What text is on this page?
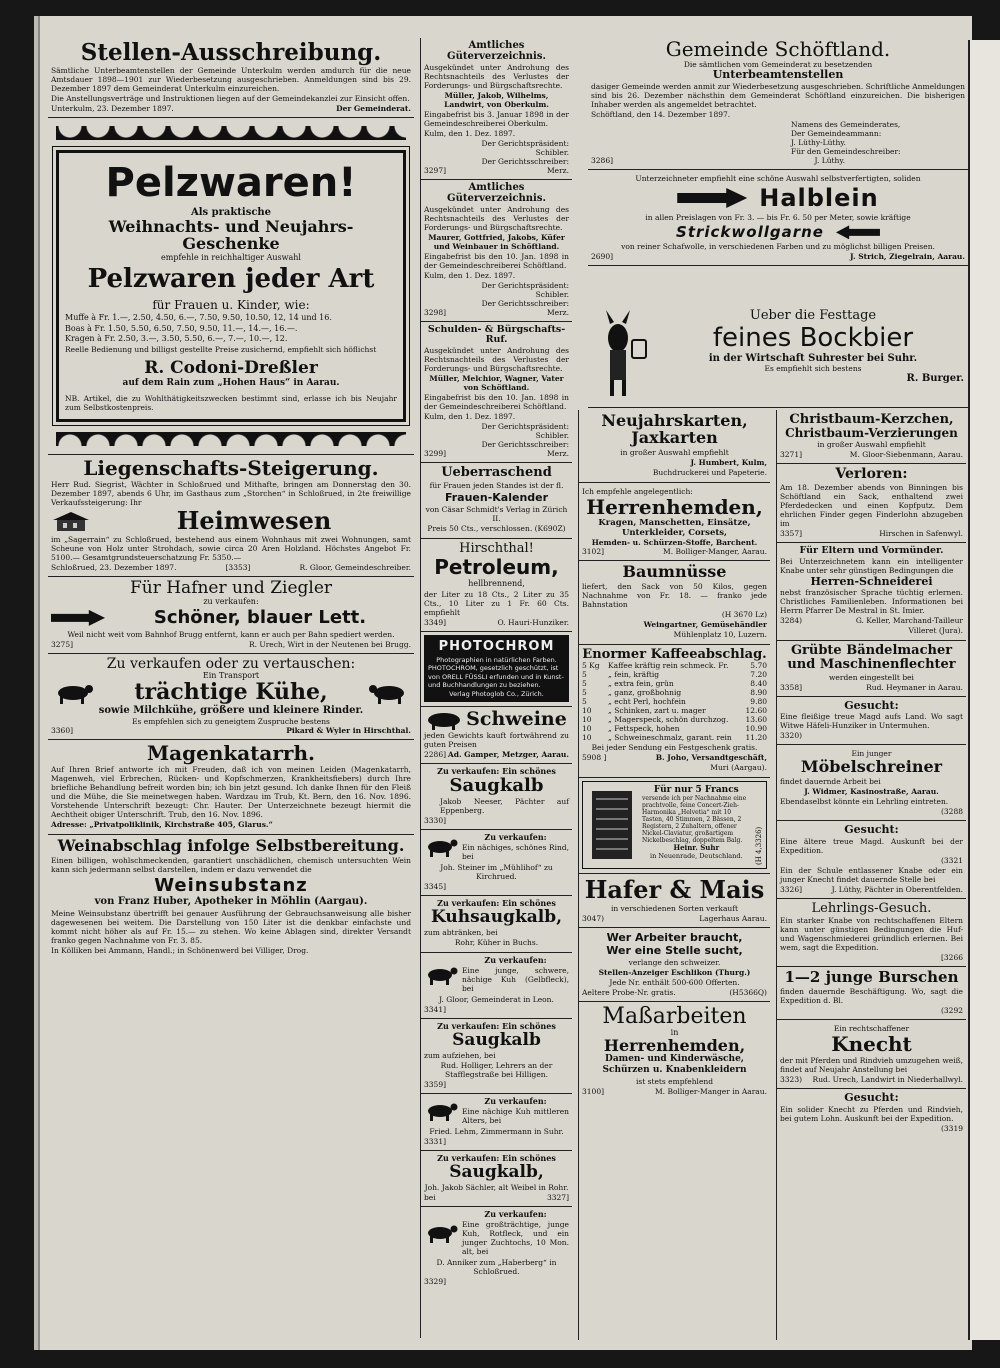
Stellen-Ausschreibung.
Sämtliche Unterbeamtenstellen der Gemeinde Unterkulm werden amdurch für die neue Amtsdauer 1898—1901 zur Wiederbesetzung ausgeschrieben. Anmeldungen sind bis 29. Dezember 1897 dem Gemeinderat Unterkulm einzureichen.
Die Anstellungsverträge und Instruktionen liegen auf der Gemeindekanzlei zur Einsicht offen.
Unterkulm, 23. Dezember 1897.	Der Gemeinderat.
Pelzwaren!
Als praktische
Weihnachts- und Neujahrs-Geschenke
empfehle in reichhaltiger Auswahl
Pelzwaren jeder Art
für Frauen u. Kinder, wie:
Muffe à Fr. 1.—, 2.50, 4.50, 6.—, 7.50, 9.50, 10.50, 12, 14 und 16.
Boas à Fr. 1.50, 5.50, 6.50, 7.50, 9.50, 11.—, 14.—, 16.—.
Kragen à Fr. 2.50, 3.—, 3.50, 5.50, 6.—, 7.—, 10.—, 12.
Reelle Bedienung und billigst gestellte Preise zusichernd, empfiehlt sich höflichst
R. Codoni-Dreßler
auf dem Rain zum „Hohen Haus“ in Aarau.
NB. Artikel, die zu Wohlthätigkeitszwecken bestimmt sind, erlasse ich bis Neujahr zum Selbstkostenpreis.
Liegenschafts-Steigerung.
Herr Rud. Siegrist, Wächter in Schloßrued und Mithafte, bringen am Donnerstag den 30. Dezember 1897, abends 6 Uhr, im Gasthaus zum „Storchen“ in Schloßrued, in 2te freiwillige Verkaufssteigerung: Ihr
Heimwesen
im „Sagerrain“ zu Schloßrued, bestehend aus einem Wohnhaus mit zwei Wohnungen, samt Scheune von Holz unter Strohdach, sowie circa 20 Aren Holzland. Höchstes Angebot Fr. 5100.— Gesamtgrundsteuerschatzung Fr. 5350.—
Schloßrued, 23. Dezember 1897.	[3353]	R. Gloor, Gemeindeschreiber.
Für Hafner und Ziegler
zu verkaufen:
Schöner, blauer Lett.
Weil nicht weit vom Bahnhof Brugg entfernt, kann er auch per Bahn spediert werden.
3275]	R. Urech, Wirt in der Neutenen bei Brugg.
Zu verkaufen oder zu vertauschen:
Ein Transport
trächtige Kühe,
sowie Milchkühe, größere und kleinere Rinder.
Es empfehlen sich zu geneigtem Zuspruche bestens
3360]	Pikard & Wyler in Hirschthal.
Magenkatarrh.
Auf Ihren Brief antworte ich mit Freuden, daß ich von meinen Leiden (Magenkatarrh, Magenweh, viel Erbrechen, Rücken- und Kopfschmerzen, Krankheitsfiebers) durch Ihre briefliche Behandlung befreit worden bin; ich bin jetzt gesund. Ich danke Ihnen für den Fleiß und die Mühe, die Sie meinetwegen haben. Wardzau im Trub, Kt. Bern, den 16. Nov. 1896. Vorstehende Unterschrift bezeugt: Chr. Hauter. Der Unterzeichnete bezeugt hiermit die Aechtheit obiger Unterschrift. Trub, den 16. Nov. 1896.
Adresse: „Privatpoliklinik, Kirchstraße 405, Glarus.“
Weinabschlag infolge Selbstbereitung.
Einen billigen, wohlschmeckenden, garantiert unschädlichen, chemisch untersuchten Wein kann sich jedermann selbst darstellen, indem er dazu verwendet die
Weinsubstanz
von Franz Huber, Apotheker in Möhlin (Aargau).
Meine Weinsubstanz übertrifft bei genauer Ausführung der Gebrauchsanweisung alle bisher dagewesenen bei weitem. Die Darstellung von 150 Liter ist die denkbar einfachste und kommt nicht höher als auf Fr. 15.— zu stehen. Wo keine Ablagen sind, direkter Versandt franko gegen Nachnahme von Fr. 3. 85.
In Kölliken bei Ammann, Handl.; in Schönenwerd bei Villiger, Drog.
Amtliches Güterverzeichnis.
Ausgekündet unter Androhung des Rechtsnachteils des Verlustes der Forderungs- und Bürgschaftsrechte.
Müller, Jakob, Wilhelms, Landwirt, von Oberkulm.
Eingabefrist bis 3. Januar 1898 in der Gemeindeschreiberei Oberkulm.
Kulm, den 1. Dez. 1897.
Der Gerichtspräsident:
Schibler.
Der Gerichtsschreiber:
3297]	Merz.
Amtliches Güterverzeichnis.
Ausgekündet unter Androhung des Rechtsnachteils des Verlustes der Forderungs- und Bürgschaftsrechte.
Maurer, Gottfried, Jakobs, Küfer und Weinbauer in Schöftland.
Eingabefrist bis den 10. Jan. 1898 in der Gemeindeschreiberei Schöftland.
Kulm, den 1. Dez. 1897.
Der Gerichtspräsident:
Schibler.
Der Gerichtsschreiber:
3298]	Merz.
Schulden- & Bürgschafts-Ruf.
Ausgekündet unter Androhung des Rechtsnachteils des Verlustes der Forderungs- und Bürgschaftsrechte.
Müller, Melchior, Wagner, Vater von Schöftland.
Eingabefrist bis den 10. Jan. 1898 in der Gemeindeschreiberei Schöftland.
Kulm, den 1. Dez. 1897.
Der Gerichtspräsident:
Schibler.
Der Gerichtsschreiber:
3299]	Merz.
Ueberraschend
für Frauen jeden Standes ist der fl.
Frauen-Kalender
von Cäsar Schmidt's Verlag in Zürich II.
Preis 50 Cts., verschlossen. (K690Z)
Hirschthal!
Petroleum,
hellbrennend,
der Liter zu 18 Cts., 2 Liter zu 35 Cts., 10 Liter zu 1 Fr. 60 Cts. empfiehlt
3349]	O. Hauri-Hunziker.
PHOTOCHROM
Photographien in natürlichen Farben.
PHOTOCHROM, gesetzlich geschützt, ist von ORELL FÜSSLI erfunden und in Kunst- und Buchhandlungen zu beziehen.
Verlag Photoglob Co., Zürich.
Schweine
jeden Gewichts kauft fortwährend zu guten Preisen
2286] Ad. Gamper, Metzger, Aarau.
Zu verkaufen: Ein schönes
Saugkalb
Jakob Neeser, Pächter auf Eppenberg.
3330]
Zu verkaufen:
Ein nächiges, schönes Rind, bei
Joh. Steiner im „Mühlihof“ zu Kirchrued.
3345]
Zu verkaufen: Ein schönes
Kuhsaugkalb,
zum abtränken, bei
Rohr, Küher in Buchs.
Zu verkaufen:
Eine junge, schwere, nächige Kuh (Gelbfleck), bei
J. Gloor, Gemeinderat in Leon.
3341]
Zu verkaufen: Ein schönes
Saugkalb
zum aufziehen, bei
Rud. Holliger, Lehrers an der Stafflegstraße bei Hilligen.
3359]
Zu verkaufen:
Eine nächige Kuh mittleren Alters, bei
Fried. Lehm, Zimmermann in Suhr.
3331]
Zu verkaufen: Ein schönes
Saugkalb,
Joh. Jakob Sächler, alt Weibel in Rohr.
bei	3327]
Zu verkaufen:
Eine großträchtige, junge Kuh, Rotfleck, und ein junger Zuchtochs, 10 Mon. alt, bei
D. Anniker zum „Haberberg“ in Schloßrued.
3329]
Gemeinde Schöftland.
Die sämtlichen vom Gemeinderat zu besetzenden
Unterbeamtenstellen
dasiger Gemeinde werden anmit zur Wiederbesetzung ausgeschrieben. Schriftliche Anmeldungen sind bis 26. Dezember nächsthin dem Gemeinderat Schöftland einzureichen. Die bisherigen Inhaber werden als angemeldet betrachtet.
Schöftland, den 14. Dezember 1897.
Namens des Gemeinderates,
Der Gemeindeammann:
J. Lüthy-Lüthy.
Für den Gemeindeschreiber:
3286]	J. Lüthy.
Unterzeichneter empfiehlt eine schöne Auswahl selbstverfertigten, soliden
Halblein
in allen Preislagen von Fr. 3. — bis Fr. 6. 50 per Meter, sowie kräftige
Strickwollgarne
von reiner Schafwolle, in verschiedenen Farben und zu möglichst billigen Preisen.
2690]	J. Strich, Ziegelrain, Aarau.
Ueber die Festtage
feines Bockbier
in der Wirtschaft Suhrester bei Suhr.
Es empfiehlt sich bestens
R. Burger.
Neujahrskarten,
Jaxkarten
in großer Auswahl empfiehlt
J. Humbert, Kulm,
Buchdruckerei und Papeterie.
Ich empfehle angelegentlich:
Herrenhemden,
Kragen, Manschetten, Einsätze,
Unterkleider, Corsets,
Hemden- u. Schürzen-Stoffe, Barchent.
3102]	M. Bolliger-Manger, Aarau.
Baumnüsse
liefert, den Sack von 50 Kilos, gegen Nachnahme von Fr. 18. — franko jede Bahnstation
(H 3670 Lz)
Weingartner, Gemüsehändler
Mühlenplatz 10, Luzern.
Enormer Kaffeeabschlag.
5 Kg	Kaffee kräftig rein schmeck. Fr.	5.70
5	„ fein, kräftig	7.20
5	„ extra fein, grün	8.40
5	„ ganz, großbohnig	8.90
5	„ echt Perl, hochfein	9.80
10	„ Schinken, zart u. mager	12.60
10	„ Magerspeck, schön durchzog.	13.60
10	„ Fettspeck, hohen	10.90
10	„ Schweineschmalz, garant. rein	11.20
Bei jeder Sendung ein Festgeschenk gratis.
5908 ]	B. Joho, Versandtgeschäft,
Muri (Aargau).
Für nur 5 Francs
versende ich per Nachnahme eine prachtvolle, feine Concert-Zieh-Harmonika „Helvetia“ mit 10 Tasten, 40 Stimmen, 2 Bässen, 2 Registern, 2 Zuhaltern, offener Nickel-Claviatur, großartigem Nickelbeschlag, doppeltem Balg.
Heinr. Suhr
in Neuenrade, Deutschland.	(H 4,3326)
Hafer & Mais
in verschiedenen Sorten verkauft
3047)	Lagerhaus Aarau.
Wer Arbeiter braucht,
Wer eine Stelle sucht,
verlange den schweizer.
Stellen-Anzeiger Eschlikon (Thurg.)
Jede Nr. enthält 500-600 Offerten.
Aeltere Probe-Nr. gratis.	(H5366Q)
Maßarbeiten
in
Herrenhemden,
Damen- und Kinderwäsche,
Schürzen u. Knabenkleidern
ist stets empfehlend
3100]	M. Bolliger-Manger in Aarau.
Christbaum-Kerzchen,
Christbaum-Verzierungen
in großer Auswahl empfiehlt
3271]	M. Gloor-Siebenmann, Aarau.
Verloren:
Am 18. Dezember abends von Binningen bis Schöftland ein Sack, enthaltend zwei Pferdedecken und einen Kopfputz. Dem ehrlichen Finder gegen Finderlohn abzugeben im
3357]	Hirschen in Safenwyl.
Für Eltern und Vormünder.
Bei Unterzeichnetem kann ein intelligenter Knabe unter sehr günstigen Bedingungen die
Herren-Schneiderei
nebst französischer Sprache tüchtig erlernen. Christliches Familienleben. Informationen bei Herrn Pfarrer De Mestral in St. Imier.
3284)	G. Keller, Marchand-Tailleur
Villeret (Jura).
Grübte Bändelmacher und Maschinenflechter
werden eingestellt bei
3358]	Rud. Heymaner in Aarau.
Gesucht:
Eine fleißige treue Magd aufs Land. Wo sagt Witwe Häfeli-Hunziker in Untermuhen.
3320)
Ein junger
Möbelschreiner
findet dauernde Arbeit bei
J. Widmer, Kasinostraße, Aarau.
Ebendaselbst könnte ein Lehrling eintreten.
(3288
Gesucht:
Eine ältere treue Magd. Auskunft bei der Expedition.
(3321
Ein der Schule entlassener Knabe oder ein junger Knecht findet dauernde Stelle bei
3326]	J. Lüthy, Pächter in Oberentfelden.
Lehrlings-Gesuch.
Ein starker Knabe von rechtschaffenen Eltern kann unter günstigen Bedingungen die Huf- und Wagenschmiederei gründlich erlernen. Bei wem, sagt die Expedition.
[3266
1—2 junge Burschen
finden dauernde Beschäftigung. Wo, sagt die Expedition d. Bl.
(3292
Ein rechtschaffener
Knecht
der mit Pferden und Rindvieh umzugehen weiß, findet auf Neujahr Anstellung bei
3323) Rud. Urech, Landwirt in Niederhallwyl.
Gesucht:
Ein solider Knecht zu Pferden und Rindvieh, bei gutem Lohn. Auskunft bei der Expedition.
(3319
